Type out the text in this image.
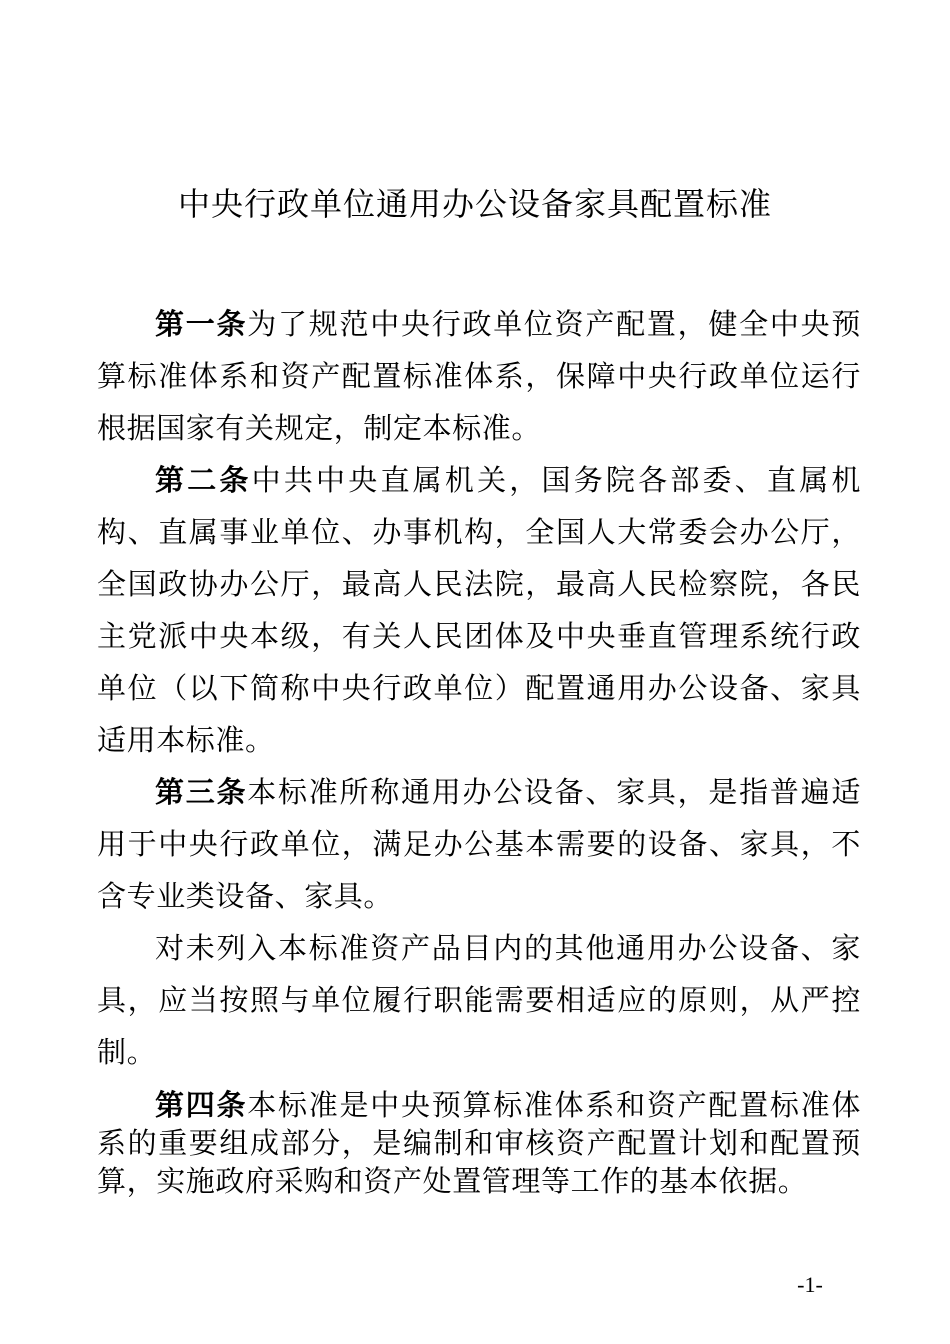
中央行政单位通用办公设备家具配置标准

第一条为了规范中央行政单位资产配置，健全中央预算标准体系和资产配置标准体系，保障中央行政单位运行根据国家有关规定，制定本标准。

第二条中共中央直属机关，国务院各部委、直属机构、直属事业单位、办事机构，全国人大常委会办公厅，全国政协办公厅，最高人民法院，最高人民检察院，各民主党派中央本级，有关人民团体及中央垂直管理系统行政单位（以下简称中央行政单位）配置通用办公设备、家具适用本标准。

第三条本标准所称通用办公设备、家具，是指普遍适用于中央行政单位，满足办公基本需要的设备、家具，不含专业类设备、家具。

对未列入本标准资产品目内的其他通用办公设备、家具，应当按照与单位履行职能需要相适应的原则，从严控制。

第四条本标准是中央预算标准体系和资产配置标准体系的重要组成部分，是编制和审核资产配置计划和配置预算，实施政府采购和资产处置管理等工作的基本依据。

-1-
